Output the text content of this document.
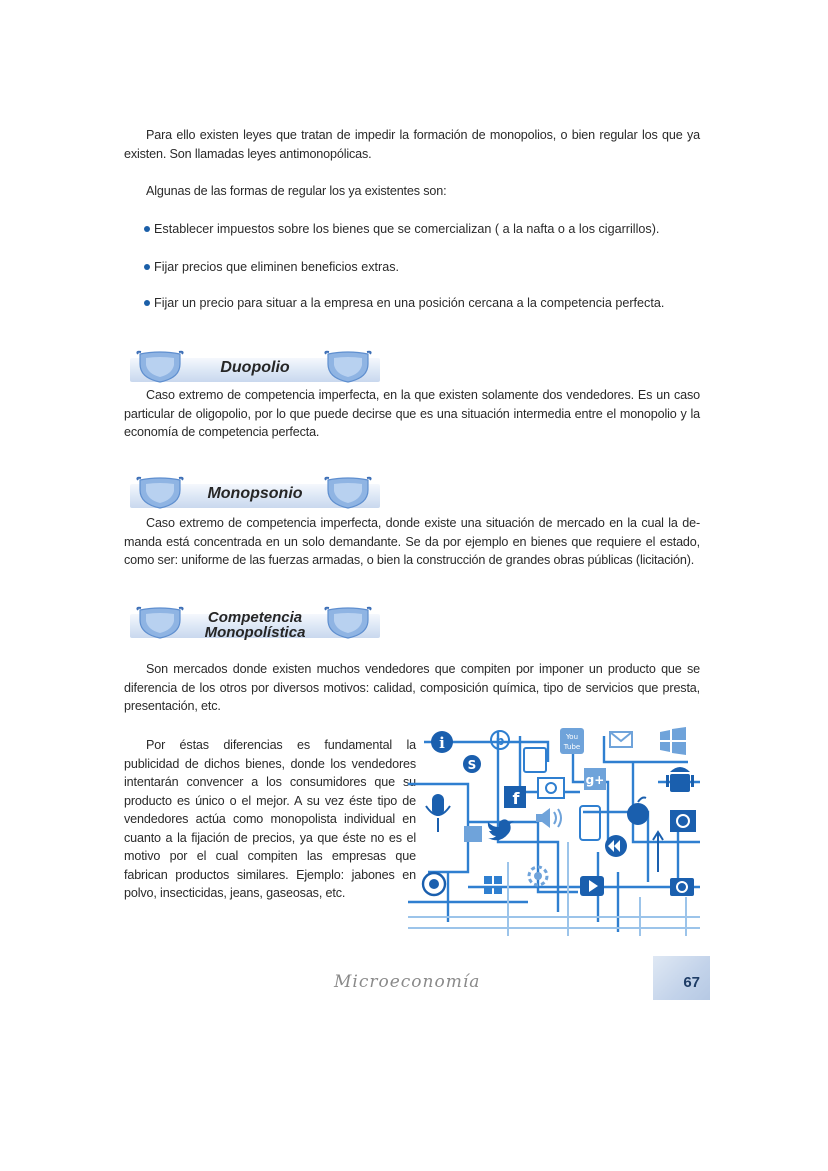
Para ello existen leyes que tratan de impedir la formación de monopolios, o bien regular los que ya existen. Son llamadas leyes antimonopólicas.
Algunas de las formas de regular los ya existentes son:
Establecer impuestos sobre los bienes que se comercializan ( a la nafta o a los cigarrillos).
Fijar precios que eliminen beneficios extras.
Fijar un precio para situar a la empresa en una posición cercana a la competencia perfecta.
Duopolio
Caso extremo de competencia imperfecta, en la que existen solamente dos vendedores. Es un caso particular de oligopolio, por lo que puede decirse que es una situación intermedia entre el monopolio y la economía de competencia perfecta.
Monopsonio
Caso extremo de competencia imperfecta, donde existe una situación de mercado en la cual la de-manda está concentrada en un solo demandante. Se da por ejemplo en bienes que requiere el estado, como ser: uniforme de las fuerzas armadas, o bien la construcción de grandes obras públicas (licitación).
Competencia
Monopolística
Son mercados donde existen muchos vendedores que compiten por imponer un producto que se diferencia de los otros por diversos motivos: calidad, composición química, tipo de servicios que presta, presentación, etc.
Por éstas diferencias es fundamental la publicidad de dichos bienes, donde los vendedores intentarán convencer a los consumidores que su producto es único o el mejor. A su vez éste tipo de vendedores actúa como monopolista individual en cuanto a la fijación de precios, ya que éste no es el motivo por el cual compiten las empresas que fabrican productos similares. Ejemplo: jabones en polvo, insecticidas, jeans, gaseosas, etc.
i	p	You
Tube
S
g+
f
Microeconomía	67
